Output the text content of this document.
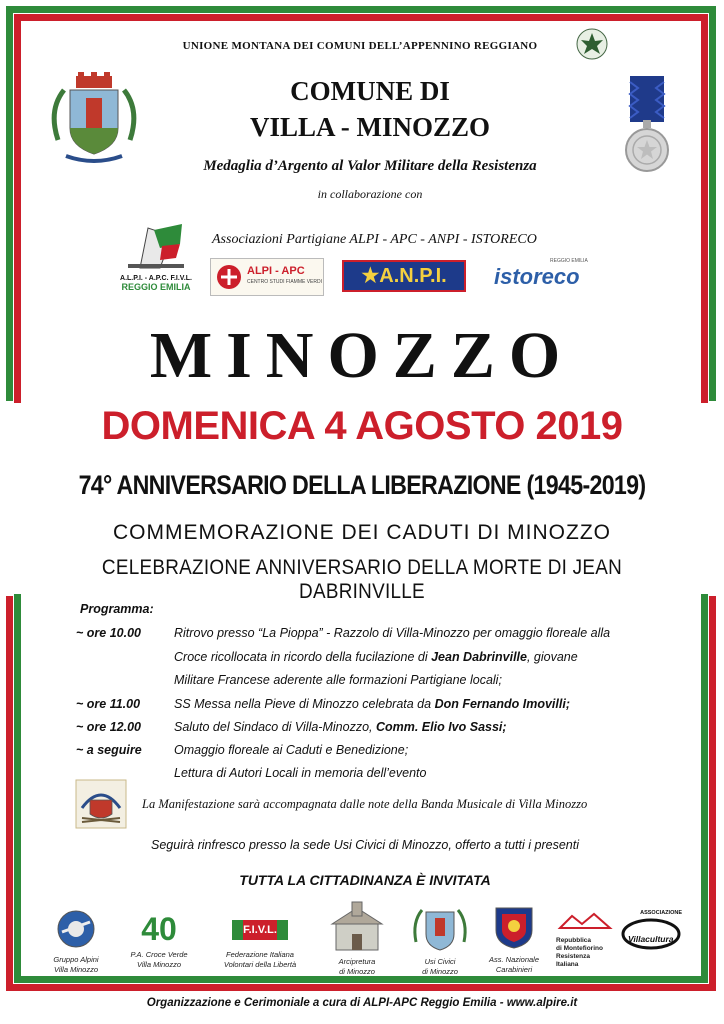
UNIONE MONTANA DEI COMUNI DELL’APPENNINO REGGIANO
COMUNE DI
VILLA - MINOZZO
Medaglia d’Argento al Valor Militare della Resistenza
in collaborazione con
Associazioni Partigiane ALPI - APC - ANPI - ISTORECO
A.L.P.I. - A.P.C. F.I.V.L.
REGGIO EMILIA
ALPI - APC
CENTRO STUDI FIAMME VERDI	★A.N.P.I.
REGGIO EMILIA
istoreco
MINOZZO
DOMENICA 4 AGOSTO 2019
74° ANNIVERSARIO DELLA LIBERAZIONE (1945-2019)
COMMEMORAZIONE DEI CADUTI DI MINOZZO
CELEBRAZIONE ANNIVERSARIO DELLA MORTE DI JEAN DABRINVILLE
Programma:
~ ore 10.00	Ritrovo presso “La Pioppa” - Razzolo di Villa-Minozzo per omaggio floreale alla
Croce ricollocata in ricordo della fucilazione di Jean Dabrinville, giovane
Militare Francese aderente alle formazioni Partigiane locali;
~ ore 11.00	SS Messa nella Pieve di Minozzo celebrata da Don Fernando Imovilli;
~ ore 12.00	Saluto del Sindaco di Villa-Minozzo, Comm. Elio Ivo Sassi;
~ a seguire	Omaggio floreale ai Caduti e Benedizione;
Lettura di Autori Locali in memoria dell’evento
La Manifestazione sarà accompagnata dalle note della Banda Musicale di Villa Minozzo
Seguirà rinfresco presso la sede Usi Civici di Minozzo, offerto a tutti i presenti
TUTTA LA CITTADINANZA È INVITATA
Gruppo Alpini
Villa Minozzo
40
P.A. Croce Verde
Villa Minozzo
F.I.V.L.
Federazione Italiana
Volontari della Libertà	Arcipretura
di Minozzo
Usi Civici
di Minozzo
Ass. Nazionale
Carabinieri
Repubblica
di Montefiorino
Resistenza
Italiana
ASSOCIAZIONE
Villacultura
Organizzazione e Cerimoniale a cura di ALPI-APC Reggio Emilia - www.alpire.it
